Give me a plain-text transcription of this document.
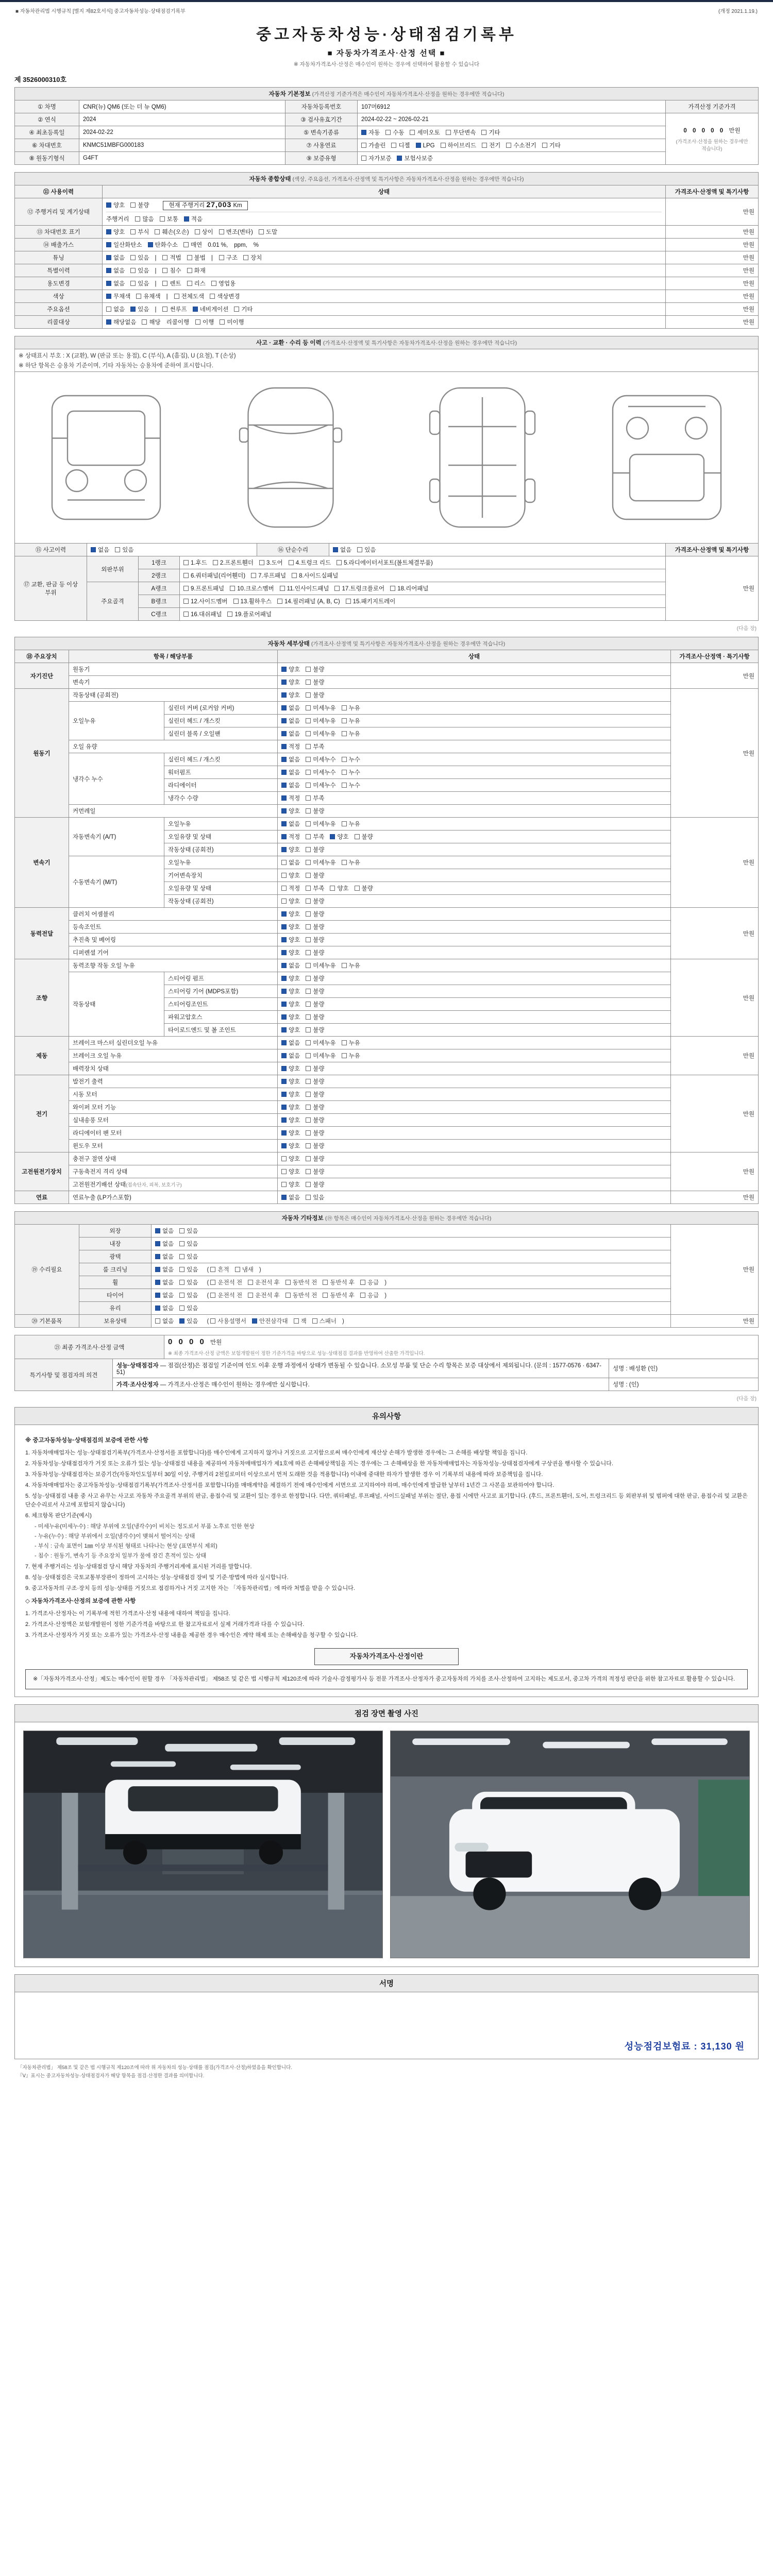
■ 자동차관리법 시행규칙 [별지 제82호서식] 중고자동차성능·상태점검기록부	(개정 2021.1.19.)
중고자동차성능·상태점검기록부
■ 자동차가격조사·산정 선택 ■
※ 자동차가격조사·산정은 매수인이 원하는 경우에 선택하여 활용할 수 있습니다
제 3526000310호
자동차 기본정보 (가격산정 기준가격은 매수인이 자동차가격조사·산정을 원하는 경우에만 적습니다)				
① 차명	CNR(뉴) QM6 (또는 더 뉴 QM6)	자동차등록번호	107머6912	가격산정 기준가격
② 연식	2024	③ 검사유효기간	2024-02-22 ~ 2026-02-21	0 0 0 0 0 만원
(가격조사·산정을 원하는 경우에만 적습니다)

④ 최초등록일	2024-02-22	⑤ 변속기종류	자동 수동 세미오토 무단변속 기타	
⑥ 차대번호	KNMC51MBFG000183	⑦ 사용연료	가솔린 디젤 LPG 하이브리드 전기 수소전기 기타	
⑧ 원동기형식	G4FT	⑨ 보증유형	자가보증 보험사보증	
자동차 종합상태 (색상, 주요옵션, 가격조사·산정액 및 특기사항은 자동차가격조사·산정을 원하는 경우에만 적습니다)		
⑪ 사용이력	상태	가격조사·산정액 및 특기사항
⑫ 주행거리 및 계기상태	양호 불량 현재 주행거리 27,003 Km
주행거리 많음 보통 적음	만원
⑬ 차대번호 표기	양호 부식 훼손(오손) 상이 변조(변타) 도말	만원
⑭ 배출가스	일산화탄소 탄화수소 매연 0.01 %, ppm, %	만원
튜닝	없음 있음 | 적법 불법 | 구조 장치	만원
특별이력	없음 있음 | 침수 화재	만원
용도변경	없음 있음 | 렌트 리스 영업용	만원
색상	무채색 유채색 | 전체도색 색상변경	만원
주요옵션	없음 있음 | 썬루프 네비게이션 기타	만원
리콜대상	해당없음 해당 리콜이행 이행 미이행	만원
사고 · 교환 · 수리 등 이력 (가격조사·산정액 및 특기사항은 자동차가격조사·산정을 원하는 경우에만 적습니다)

※ 상태표시 부호 : X (교환), W (판금 또는 용접), C (부식), A (흠집), U (요철), T (손상)
※ 하단 항목은 승용차 기준이며, 기타 자동차는 승용차에 준하여 표시합니다.

⑮ 사고이력	없음 있음	⑯ 단순수리	없음 있음	가격조사·산정액 및 특기사항
⑰ 교환, 판금 등 이상 부위	외판부위	1랭크	1.후드 2.프론트휀더 3.도어 4.트렁크 리드 5.라디에이터서포트(볼트체결부품)	만원
		2랭크	6.쿼터패널(리어휀더) 7.루프패널 8.사이드실패널	
	주요골격	A랭크	9.프론트패널 10.크로스멤버 11.인사이드패널 17.트렁크플로어 18.리어패널	
		B랭크	12.사이드멤버 13.휠하우스 14.필러패널 (A, B, C) 15.패키지트레이	
		C랭크	16.대쉬패널 19.플로어패널	
(다음 장)
자동차 세부상태 (가격조사·산정액 및 특기사항은 자동차가격조사·산정을 원하는 경우에만 적습니다)				
⑱ 주요장치	항목 / 해당부품		상태	가격조사·산정액 · 특기사항
자기진단	원동기		양호 불량	만원
	변속기		양호 불량	
원동기	작동상태 (공회전)		양호 불량	만원
	오일누유	실린더 커버 (로커암 커버)	없음 미세누유 누유	
		실린더 헤드 / 개스킷	없음 미세누유 누유	
		실린더 블록 / 오일팬	없음 미세누유 누유	
	오일 유량		적정 부족	
	냉각수 누수	실린더 헤드 / 개스킷	없음 미세누수 누수	
		워터펌프	없음 미세누수 누수	
		라디에이터	없음 미세누수 누수	
		냉각수 수량	적정 부족	
	커먼레일		양호 불량	
변속기	자동변속기 (A/T)	오일누유	없음 미세누유 누유	만원
		오일유량 및 상태	적정 부족 양호 불량	
		작동상태 (공회전)	양호 불량	
	수동변속기 (M/T)	오일누유	없음 미세누유 누유	
		기어변속장치	양호 불량	
		오일유량 및 상태	적정 부족 양호 불량	
		작동상태 (공회전)	양호 불량	
동력전달	클러치 어셈블리		양호 불량	만원
	등속조인트		양호 불량	
	추진축 및 베어링		양호 불량	
	디퍼렌셜 기어		양호 불량	
조향	동력조향 작동 오일 누유		없음 미세누유 누유	만원
	작동상태	스티어링 펌프	양호 불량	
		스티어링 기어 (MDPS포함)	양호 불량	
		스티어링조인트	양호 불량	
		파워고압호스	양호 불량	
		타이로드엔드 및 볼 조인트	양호 불량	
제동	브레이크 마스터 실린더오일 누유		없음 미세누유 누유	만원
	브레이크 오일 누유		없음 미세누유 누유	
	배력장치 상태		양호 불량	
전기	발전기 출력		양호 불량	만원
	시동 모터		양호 불량	
	와이퍼 모터 기능		양호 불량	
	실내송풍 모터		양호 불량	
	라디에이터 팬 모터		양호 불량	
	윈도우 모터		양호 불량	
고전원전기장치	충전구 절연 상태		양호 불량	만원
	구동축전지 격리 상태		양호 불량	
	고전원전기배선 상태(접속단자, 피복, 보호기구)		양호 불량	
연료	연료누출 (LP가스포함)		없음 있음	만원
자동차 기타정보 (⑲ 항목은 매수인이 자동차가격조사·산정을 원하는 경우에만 적습니다)			
⑲ 수리필요	외장	없음 있음	만원
	내장	없음 있음	
	광택	없음 있음	
	룸 크리닝	없음 있음 ( 흔적 냄새 )	
	휠	없음 있음 ( 운전석 전 운전석 후 동반석 전 동반석 후 응급 )	
	타이어	없음 있음 ( 운전석 전 운전석 후 동반석 전 동반석 후 응급 )	
	유리	없음 있음	
⑳ 기본품목	보유상태	없음 있음 ( 사용설명서 안전삼각대 잭 스패너 )	만원
㉑ 최종 가격조사·산정 금액	0 0 0 0 만원
※ 최종 가격조사·산정 금액은 보험개발원이 정한 기준가격을 바탕으로 성능·상태점검 결과를 반영하여 산출한 가격입니다.
특기사항 및 점검자의 의견	성능·상태점검자 — 점검(산정)은 점검일 기준이며 인도 이후 운행 과정에서 상태가 변동될 수 있습니다. 소모성 부품 및 단순 수리 항목은 보증 대상에서 제외됩니다. (문의 : 1577-0576 · 6347-51)	성명 : 배성환 (인)
	가격·조사산정자 — 가격조사·산정은 매수인이 원하는 경우에만 실시합니다.	성명 : (인)
(다음 장)
유의사항
※ 중고자동차성능·상태점검의 보증에 관한 사항
1. 자동차매매업자는 성능·상태점검기록부(가격조사·산정서를 포함합니다)를 매수인에게 고지하지 않거나 거짓으로 고지함으로써 매수인에게 재산상 손해가 발생한 경우에는 그 손해를 배상할 책임을 집니다.
2. 자동차성능·상태점검자가 거짓 또는 오류가 있는 성능·상태점검 내용을 제공하여 자동차매매업자가 제1호에 따른 손해배상책임을 지는 경우에는 그 손해배상을 한 자동차매매업자는 자동차성능·상태점검자에게 구상권을 행사할 수 있습니다.
3. 자동차성능·상태점검자는 보증기간(자동차인도일부터 30일 이상, 주행거리 2천킬로미터 이상으로서 먼저 도래한 것을 적용합니다) 이내에 중대한 하자가 발생한 경우 이 기록부의 내용에 따라 보증책임을 집니다.
4. 자동차매매업자는 중고자동차성능·상태점검기록부(가격조사·산정서를 포함합니다)를 매매계약을 체결하기 전에 매수인에게 서면으로 고지하여야 하며, 매수인에게 발급한 날부터 1년간 그 사본을 보관하여야 합니다.
5. 성능·상태점검 내용 중 사고 유무는 사고로 자동차 주요골격 부위의 판금, 용접수리 및 교환이 있는 경우로 한정합니다. 다만, 쿼터패널, 루프패널, 사이드실패널 부위는 절단, 용접 시에만 사고로 표기합니다. (후드, 프론트휀더, 도어, 트렁크리드 등 외판부위 및 범퍼에 대한 판금, 용접수리 및 교환은 단순수리로서 사고에 포함되지 않습니다)
6. 체크항목 판단기준(예시)
- 미세누유(미세누수) : 해당 부위에 오일(냉각수)이 비치는 정도로서 부품 노후로 인한 현상
- 누유(누수) : 해당 부위에서 오일(냉각수)이 맺혀서 떨어지는 상태
- 부식 : 금속 표면이 1㎜ 이상 부식된 형태로 나타나는 현상 (표면부식 제외)
- 침수 : 원동기, 변속기 등 주요장치 일부가 물에 잠긴 흔적이 있는 상태
7. 현재 주행거리는 성능·상태점검 당시 해당 자동차의 주행거리계에 표시된 거리를 말합니다.
8. 성능·상태점검은 국토교통부장관이 정하여 고시하는 성능·상태점검 장비 및 기준·방법에 따라 실시합니다.
9. 중고자동차의 구조·장치 등의 성능·상태를 거짓으로 점검하거나 거짓 고지한 자는 「자동차관리법」에 따라 처벌을 받을 수 있습니다.
◇ 자동차가격조사·산정의 보증에 관한 사항
1. 가격조사·산정자는 이 기록부에 적힌 가격조사·산정 내용에 대하여 책임을 집니다.
2. 가격조사·산정액은 보험개발원이 정한 기준가격을 바탕으로 한 참고자료로서 실제 거래가격과 다를 수 있습니다.
3. 가격조사·산정자가 거짓 또는 오류가 있는 가격조사·산정 내용을 제공한 경우 매수인은 계약 해제 또는 손해배상을 청구할 수 있습니다.
자동차가격조사·산정이란
※「자동차가격조사·산정」제도는 매수인이 원할 경우 「자동차관리법」 제58조 및 같은 법 시행규칙 제120조에 따라 기술사·감정평가사 등 전문 가격조사·산정자가 중고자동차의 가치를 조사·산정하여 고지하는 제도로서, 중고차 가격의 적정성 판단을 위한 참고자료로 활용할 수 있습니다.
점검 장면 촬영 사진
서명
성능점검보험료 : 31,130 원
「자동차관리법」 제58조 및 같은 법 시행규칙 제120조에 따라 위 자동차의 성능·상태를 점검(가격조사·산정)하였음을 확인합니다.
『Ⅴ』표시는 중고자동차성능·상태점검자가 해당 항목을 점검·산정한 결과를 의미합니다.
